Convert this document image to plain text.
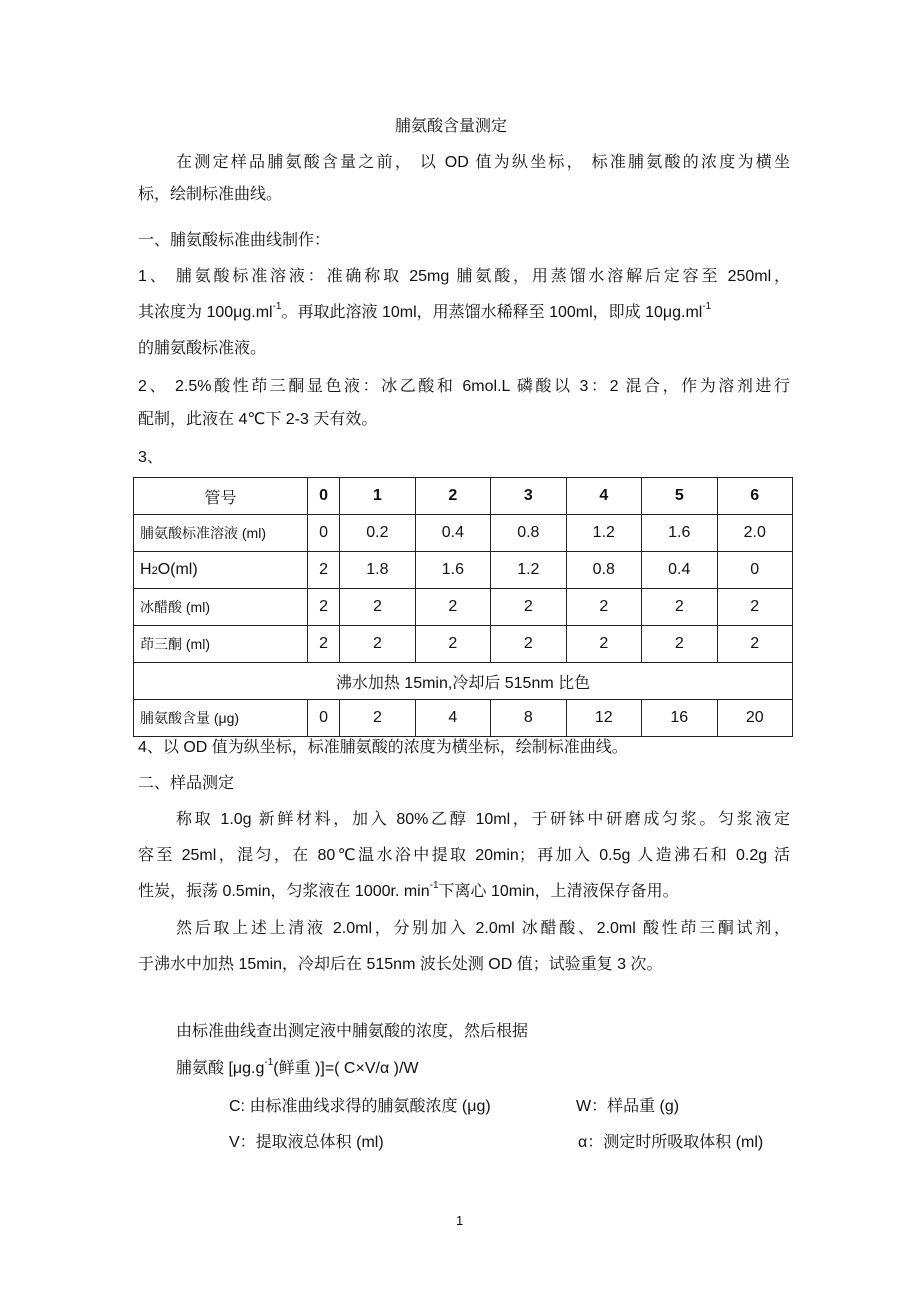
脯氨酸含量测定
在测定样品脯氨酸含量之前， 以 OD 值为纵坐标， 标准脯氨酸的浓度为横坐
标，绘制标准曲线。
一、脯氨酸标准曲线制作：
1、 脯氨酸标准溶液：准确称取 25mg 脯氨酸，用蒸馏水溶解后定容至 250ml，
其浓度为 $100\mu g.ml^{-1}$。再取此溶液 10ml，用蒸馏水稀释至 100ml，即成 $10\mu g.ml^{-1}$
的脯氨酸标准液。
2、 2.5%酸性茚三酮显色液：冰乙酸和 6mol.L 磷酸以 3：2 混合，作为溶剂进行
配制，此液在 4℃下 2-3 天有效。
3、
管号	0	1	2	3	4	5	6
脯氨酸标准溶液 (ml)	0	0.2	0.4	0.8	1.2	1.6	2.0
H2O(ml)	2	1.8	1.6	1.2	0.8	0.4	0
冰醋酸 (ml)	2	2	2	2	2	2	2
茚三酮 (ml)	2	2	2	2	2	2	2
沸水加热 15min,冷却后 515nm 比色							
脯氨酸含量 (μg)	0	2	4	8	12	16	20
4、以 OD 值为纵坐标，标准脯氨酸的浓度为横坐标，绘制标准曲线。
二、样品测定
称取 1.0g 新鲜材料，加入 80%乙醇 10ml，于研钵中研磨成匀浆。匀浆液定
容至 25ml，混匀，在 80℃温水浴中提取 20min；再加入 0.5g 人造沸石和 0.2g 活
性炭，振荡 0.5min，匀浆液在 1000r. $\min^{-1}$下离心 10min，上清液保存备用。
然后取上述上清液 2.0ml，分别加入 2.0ml 冰醋酸、2.0ml 酸性茚三酮试剂，
于沸水中加热 15min，冷却后在 515nm 波长处测 OD 值；试验重复 3 次。
由标准曲线查出测定液中脯氨酸的浓度，然后根据
脯氨酸 [$\mu g.g^{-1}$(鲜重 )]=( C×V/α )/W
C: 由标准曲线求得的脯氨酸浓度 (μg)	W：样品重 (g)
V：提取液总体积 (ml)	α：测定时所吸取体积 (ml)
1
